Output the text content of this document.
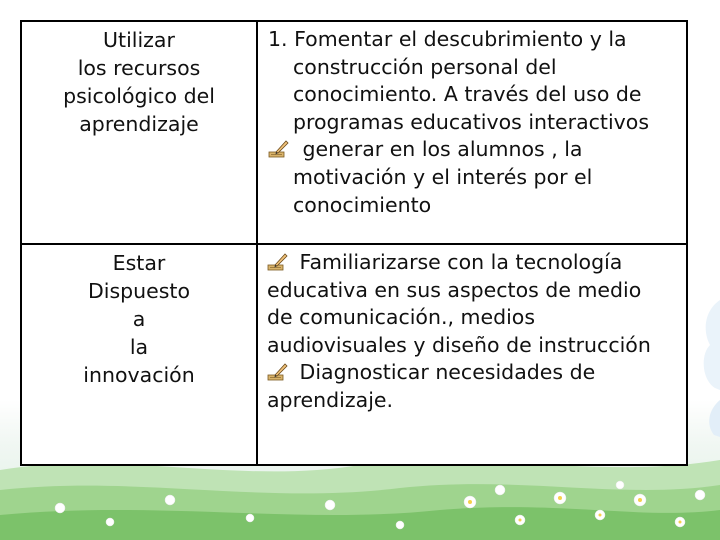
Utilizar
los recursos
psicológico del
aprendizaje
1. Fomentar el descubrimiento y la
construcción personal del
conocimiento. A través del uso de
programas educativos interactivos
generar en los alumnos , la
motivación y el interés por el
conocimiento
Estar
Dispuesto
a
la
innovación
Familiarizarse con la tecnología
educativa en sus aspectos de medio
de comunicación., medios
audiovisuales y diseño de instrucción
Diagnosticar necesidades de
aprendizaje.
